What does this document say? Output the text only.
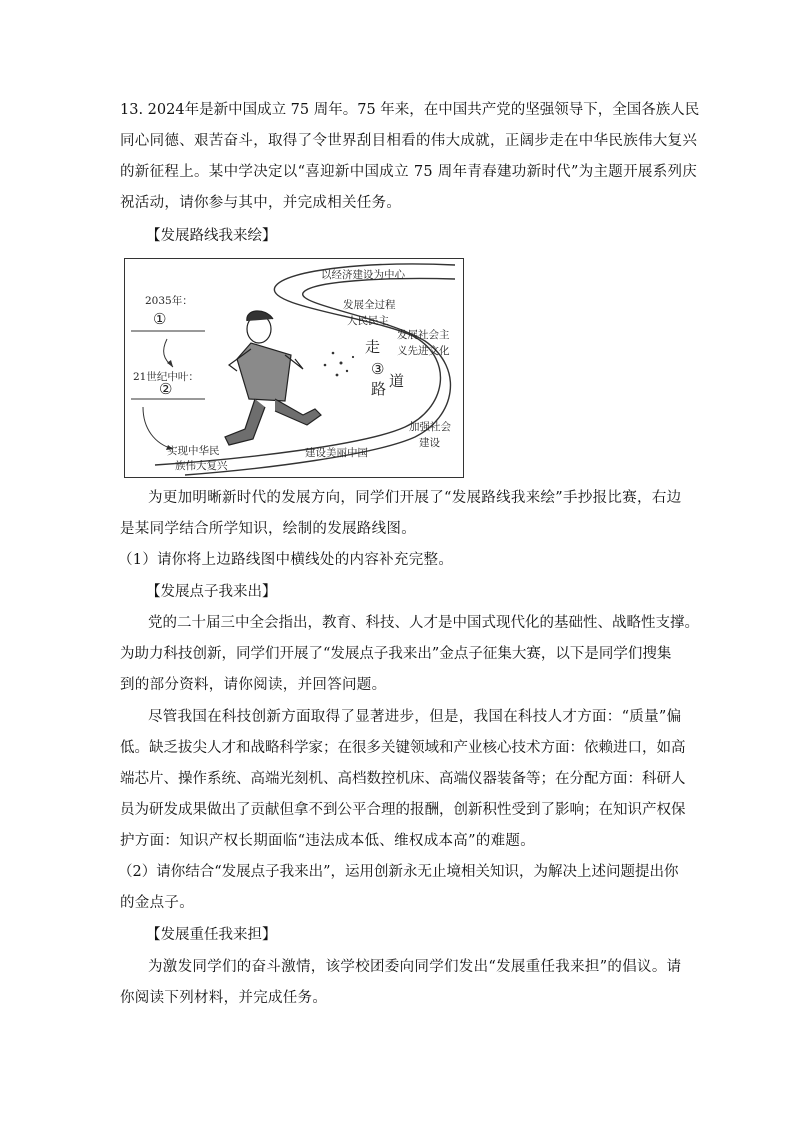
13. 2024年是新中国成立 75 周年。75 年来，在中国共产党的坚强领导下，全国各族人民
同心同德、艰苦奋斗，取得了令世界刮目相看的伟大成就，正阔步走在中华民族伟大复兴
的新征程上。某中学决定以“喜迎新中国成立 75 周年青春建功新时代”为主题开展系列庆
祝活动，请你参与其中，并完成相关任务。
【发展路线我来绘】
以经济建设为中心
2035年：
①
发展全过程
人民民主
发展社会主
义先进文化
走
③
路 道
21世纪中叶：
②
加强社会
建设
建设美丽中国
实现中华民
族伟大复兴
为更加明晰新时代的发展方向，同学们开展了“发展路线我来绘”手抄报比赛，右边
是某同学结合所学知识，绘制的发展路线图。
（1）请你将上边路线图中横线处的内容补充完整。
【发展点子我来出】
党的二十届三中全会指出，教育、科技、人才是中国式现代化的基础性、战略性支撑。
为助力科技创新，同学们开展了“发展点子我来出”金点子征集大赛，以下是同学们搜集
到的部分资料，请你阅读，并回答问题。
尽管我国在科技创新方面取得了显著进步，但是，我国在科技人才方面：“质量”偏
低。缺乏拔尖人才和战略科学家；在很多关键领域和产业核心技术方面：依赖进口，如高
端芯片、操作系统、高端光刻机、高档数控机床、高端仪器装备等；在分配方面：科研人
员为研发成果做出了贡献但拿不到公平合理的报酬，创新积性受到了影响；在知识产权保
护方面：知识产权长期面临“违法成本低、维权成本高”的难题。
（2）请你结合“发展点子我来出”，运用创新永无止境相关知识，为解决上述问题提出你
的金点子。
【发展重任我来担】
为激发同学们的奋斗激情，该学校团委向同学们发出“发展重任我来担”的倡议。请
你阅读下列材料，并完成任务。
